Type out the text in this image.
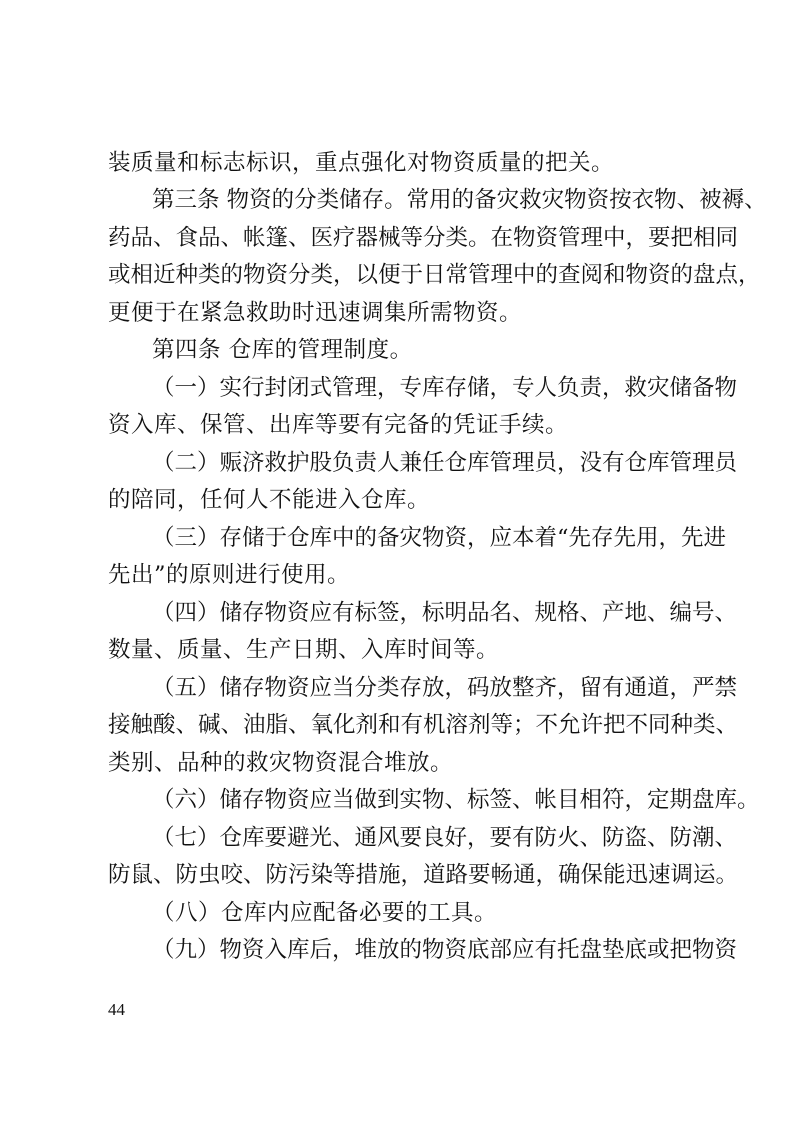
装质量和标志标识，重点强化对物资质量的把关。
第三条 物资的分类储存。常用的备灾救灾物资按衣物、被褥、
药品、食品、帐篷、医疗器械等分类。在物资管理中，要把相同
或相近种类的物资分类，以便于日常管理中的查阅和物资的盘点，
更便于在紧急救助时迅速调集所需物资。
第四条 仓库的管理制度。
（一）实行封闭式管理，专库存储，专人负责，救灾储备物
资入库、保管、出库等要有完备的凭证手续。
（二）赈济救护股负责人兼任仓库管理员，没有仓库管理员
的陪同，任何人不能进入仓库。
（三）存储于仓库中的备灾物资，应本着“先存先用，先进
先出”的原则进行使用。
（四）储存物资应有标签，标明品名、规格、产地、编号、
数量、质量、生产日期、入库时间等。
（五）储存物资应当分类存放，码放整齐，留有通道，严禁
接触酸、碱、油脂、氧化剂和有机溶剂等；不允许把不同种类、
类别、品种的救灾物资混合堆放。
（六）储存物资应当做到实物、标签、帐目相符，定期盘库。
（七）仓库要避光、通风要良好，要有防火、防盗、防潮、
防鼠、防虫咬、防污染等措施，道路要畅通，确保能迅速调运。
（八）仓库内应配备必要的工具。
（九）物资入库后，堆放的物资底部应有托盘垫底或把物资
44
